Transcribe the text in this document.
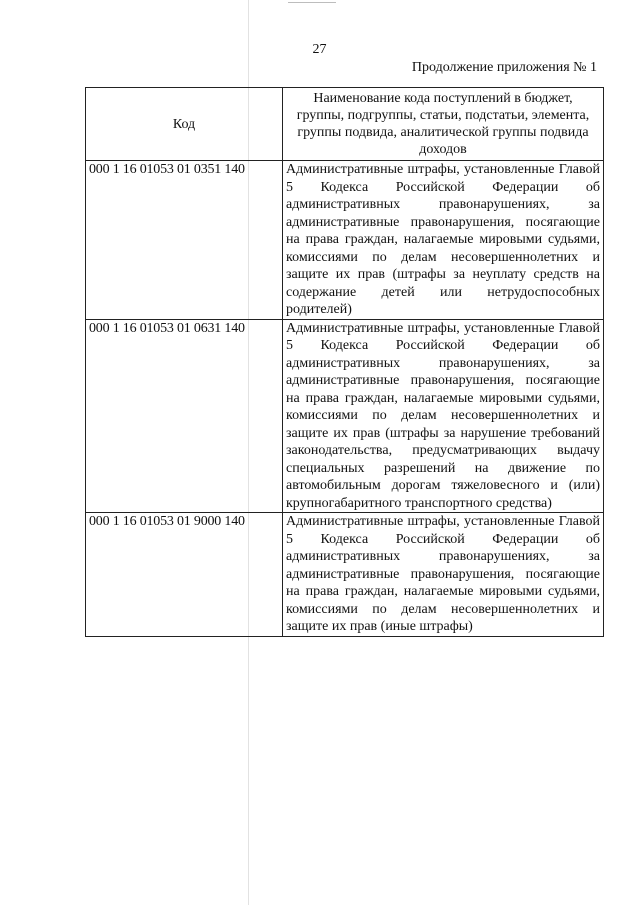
27
Продолжение приложения № 1
Код	Наименование кода поступлений в бюджет, группы, подгруппы, статьи, подстатьи, элемента, группы подвида, аналитической группы подвида доходов
000 1 16 01053 01 0351 140	Административные штрафы, установленные Главой 5 Кодекса Российской Федерации об административных правонарушениях, за административные правонарушения, посягающие на права граждан, налагаемые мировыми судьями, комиссиями по делам несовершеннолетних и защите их прав (штрафы за неуплату средств на содержание детей или нетрудоспособных родителей)
000 1 16 01053 01 0631 140	Административные штрафы, установленные Главой 5 Кодекса Российской Федерации об административных правонарушениях, за административные правонарушения, посягающие на права граждан, налагаемые мировыми судьями, комиссиями по делам несовершеннолетних и защите их прав (штрафы за нарушение требований законодательства, предусматривающих выдачу специальных разрешений на движение по автомобильным дорогам тяжеловесного и (или) крупногабаритного транспортного средства)
000 1 16 01053 01 9000 140	Административные штрафы, установленные Главой 5 Кодекса Российской Федерации об административных правонарушениях, за административные правонарушения, посягающие на права граждан, налагаемые мировыми судьями, комиссиями по делам несовершеннолетних и защите их прав (иные штрафы)
